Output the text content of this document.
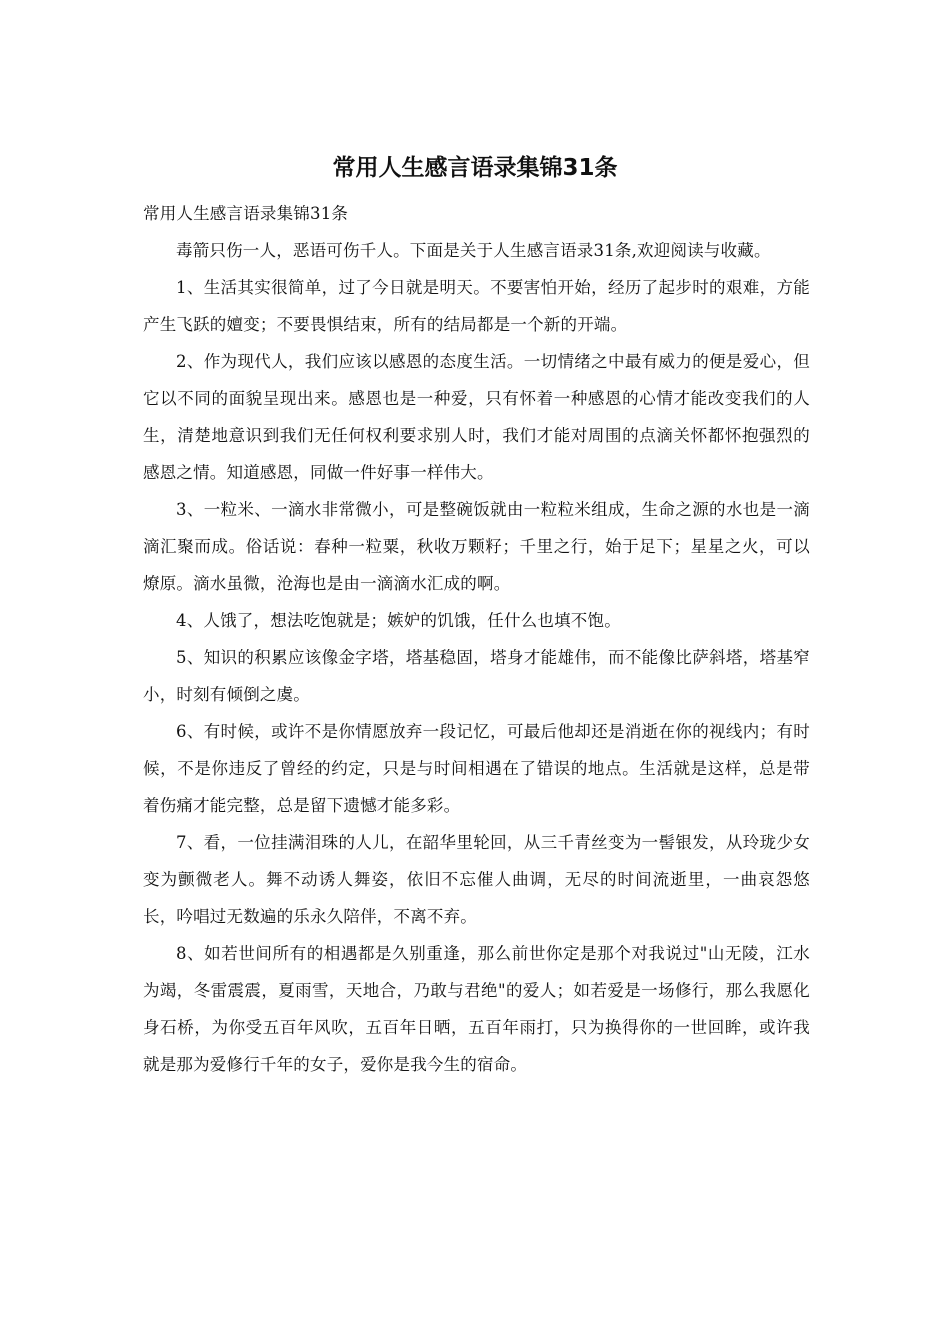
常用人生感言语录集锦31条

常用人生感言语录集锦31条

毒箭只伤一人，恶语可伤千人。下面是关于人生感言语录31条,欢迎阅读与收藏。

1、生活其实很简单，过了今日就是明天。不要害怕开始，经历了起步时的艰难，方能产生飞跃的嬗变；不要畏惧结束，所有的结局都是一个新的开端。

2、作为现代人，我们应该以感恩的态度生活。一切情绪之中最有威力的便是爱心，但它以不同的面貌呈现出来。感恩也是一种爱，只有怀着一种感恩的心情才能改变我们的人生，清楚地意识到我们无任何权利要求别人时，我们才能对周围的点滴关怀都怀抱强烈的感恩之情。知道感恩，同做一件好事一样伟大。

3、一粒米、一滴水非常微小，可是整碗饭就由一粒粒米组成，生命之源的水也是一滴滴汇聚而成。俗话说：春种一粒粟，秋收万颗籽；千里之行，始于足下；星星之火，可以燎原。滴水虽微，沧海也是由一滴滴水汇成的啊。

4、人饿了，想法吃饱就是；嫉妒的饥饿，任什么也填不饱。

5、知识的积累应该像金字塔，塔基稳固，塔身才能雄伟，而不能像比萨斜塔，塔基窄小，时刻有倾倒之虞。

6、有时候，或许不是你情愿放弃一段记忆，可最后他却还是消逝在你的视线内；有时候，不是你违反了曾经的约定，只是与时间相遇在了错误的地点。生活就是这样，总是带着伤痛才能完整，总是留下遗憾才能多彩。

7、看，一位挂满泪珠的人儿，在韶华里轮回，从三千青丝变为一髻银发，从玲珑少女变为颤微老人。舞不动诱人舞姿，依旧不忘催人曲调，无尽的时间流逝里，一曲哀怨悠长，吟唱过无数遍的乐永久陪伴，不离不弃。

8、如若世间所有的相遇都是久别重逢，那么前世你定是那个对我说过"山无陵，江水为竭，冬雷震震，夏雨雪，天地合，乃敢与君绝"的爱人；如若爱是一场修行，那么我愿化身石桥，为你受五百年风吹，五百年日晒，五百年雨打，只为换得你的一世回眸，或许我就是那为爱修行千年的女子，爱你是我今生的宿命。
